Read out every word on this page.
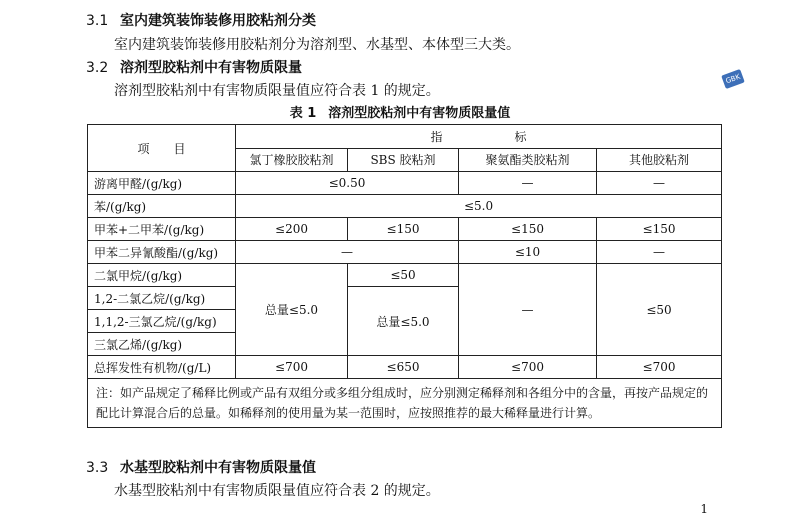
3.1 室内建筑装饰装修用胶粘剂分类
室内建筑装饰装修用胶粘剂分为溶剂型、水基型、本体型三大类。
3.2 溶剂型胶粘剂中有害物质限量
溶剂型胶粘剂中有害物质限量值应符合表 1 的规定。
GBK
表 1 溶剂型胶粘剂中有害物质限量值
项　　目	指　　　　　　标			
	氯丁橡胶胶粘剂	SBS 胶粘剂	聚氨酯类胶粘剂	其他胶粘剂
游离甲醛/(g/kg)	≤0.50		—	—
苯/(g/kg)	≤5.0			
甲苯+二甲苯/(g/kg)	≤200	≤150	≤150	≤150
甲苯二异氰酸酯/(g/kg)	—		≤10	—
二氯甲烷/(g/kg)	总量≤5.0	≤50	—	≤50
1,2-二氯乙烷/(g/kg)		总量≤5.0		
1,1,2-三氯乙烷/(g/kg)				
三氯乙烯/(g/kg)				
总挥发性有机物/(g/L)	≤700	≤650	≤700	≤700
注：如产品规定了稀释比例或产品有双组分或多组分组成时，应分别测定稀释剂和各组分中的含量，再按产品规定的配比计算混合后的总量。如稀释剂的使用量为某一范围时，应按照推荐的最大稀释量进行计算。				
3.3 水基型胶粘剂中有害物质限量值
水基型胶粘剂中有害物质限量值应符合表 2 的规定。
1
